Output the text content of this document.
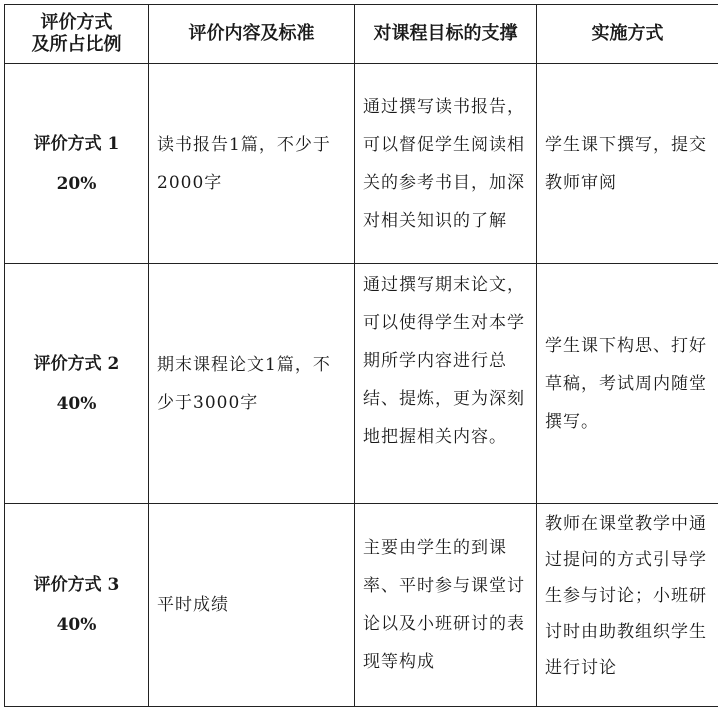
评价方式
及所占比例	评价内容及标准	对课程目标的支撑	实施方式
评价方式 1
20%	读书报告1篇，不少于2000字	通过撰写读书报告，可以督促学生阅读相关的参考书目，加深对相关知识的了解	学生课下撰写，提交教师审阅
评价方式 2
40%	期末课程论文1篇，不少于3000字	通过撰写期末论文，可以使得学生对本学期所学内容进行总结、提炼，更为深刻地把握相关内容。	学生课下构思、打好草稿，考试周内随堂撰写。
评价方式 3
40%	平时成绩	主要由学生的到课率、平时参与课堂讨论以及小班研讨的表现等构成	教师在课堂教学中通过提问的方式引导学生参与讨论；小班研讨时由助教组织学生进行讨论
